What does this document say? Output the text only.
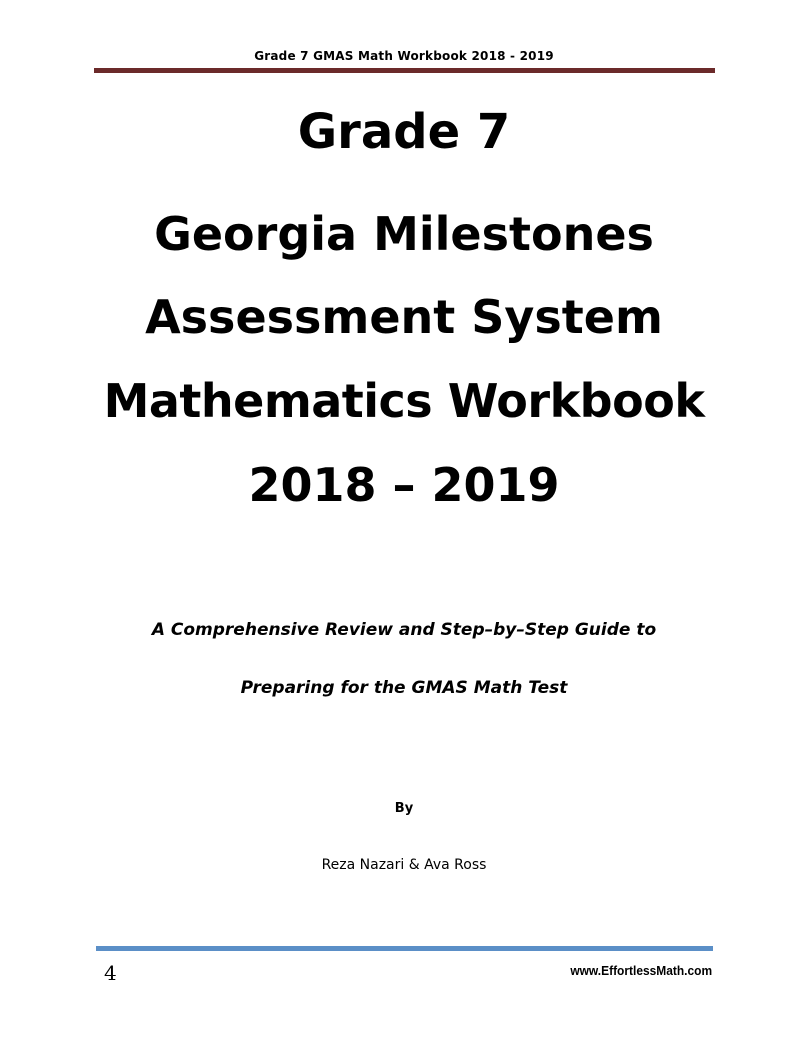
Grade 7 GMAS Math Workbook 2018 - 2019
Grade 7
Georgia Milestones
Assessment System
Mathematics Workbook
2018 – 2019
A Comprehensive Review and Step–by–Step Guide to
Preparing for the GMAS Math Test
By
Reza Nazari & Ava Ross
4	www.EffortlessMath.com
